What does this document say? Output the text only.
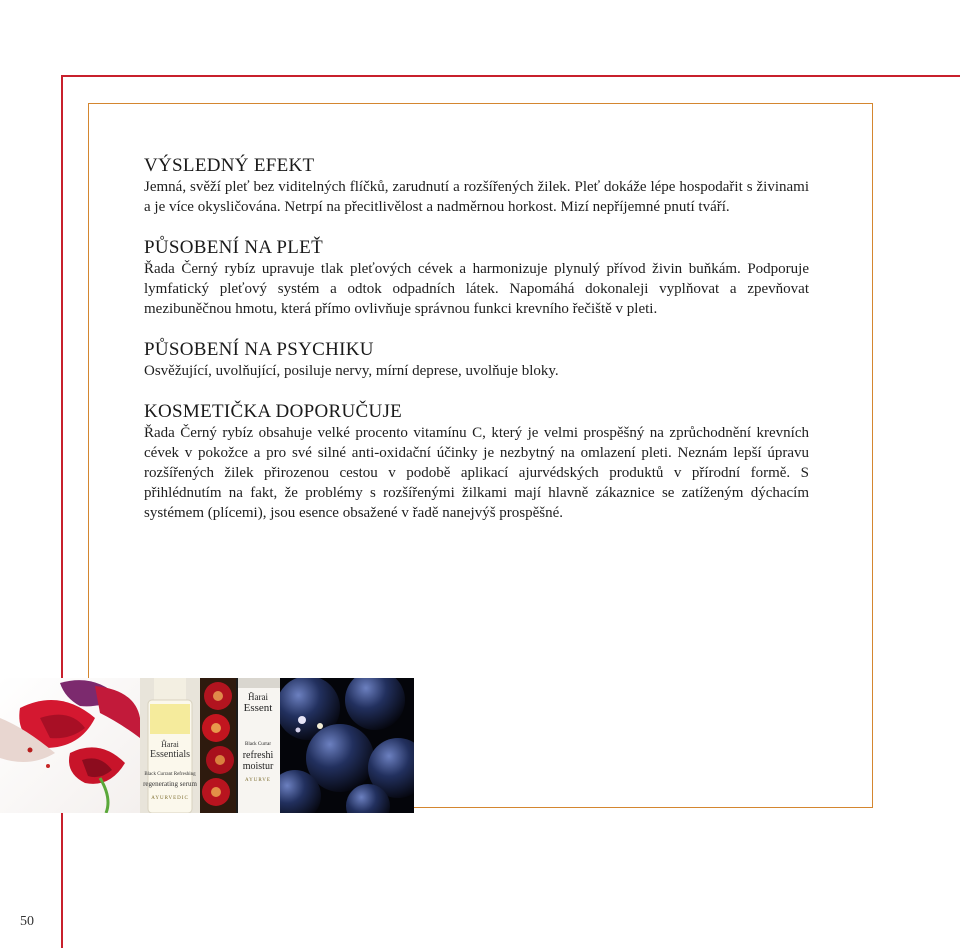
VÝSLEDNÝ EFEKT

Jemná, svěží pleť bez viditelných flíčků, zarudnutí a rozšířených žilek. Pleť dokáže lépe hospodařit s živinami a je více okysličována. Netrpí na přecitlivělost a nadměrnou horkost. Mizí nepříjemné pnutí tváří.

PŮSOBENÍ NA PLEŤ

Řada Černý rybíz upravuje tlak pleťových cévek a harmonizuje plynulý přívod živin buňkám. Podporuje lymfatický pleťový systém a odtok odpadních látek. Napomáhá dokonaleji vyplňovat a zpevňovat mezibuněčnou hmotu, která přímo ovlivňuje správnou funkci krevního řečiště v pleti.

PŮSOBENÍ NA PSYCHIKU

Osvěžující, uvolňující, posiluje nervy, mírní deprese, uvolňuje bloky.

KOSMETIČKA DOPORUČUJE

Řada Černý rybíz obsahuje velké procento vitamínu C, který je velmi prospěšný na zprůchodnění krevních cévek v pokožce a pro své silné anti-oxidační účinky je nezbytný na omlazení pleti. Neznám lepší úpravu rozšířených žilek přirozenou cestou v podobě aplikací ajurvédských produktů v přírodní formě. S přihlédnutím na fakt, že problémy s rozšířenými žilkami mají hlavně zákaznice se zatíženým dýchacím systémem (plícemi), jsou esence obsažené v řadě nanejvýš prospěšné.

Ĥarai
Essentials
Black Currant Refreshing
regenerating serum
AYURVEDIC
Ĥarai
Essent
Black Currar
refreshi moistur
AYURVE
50
